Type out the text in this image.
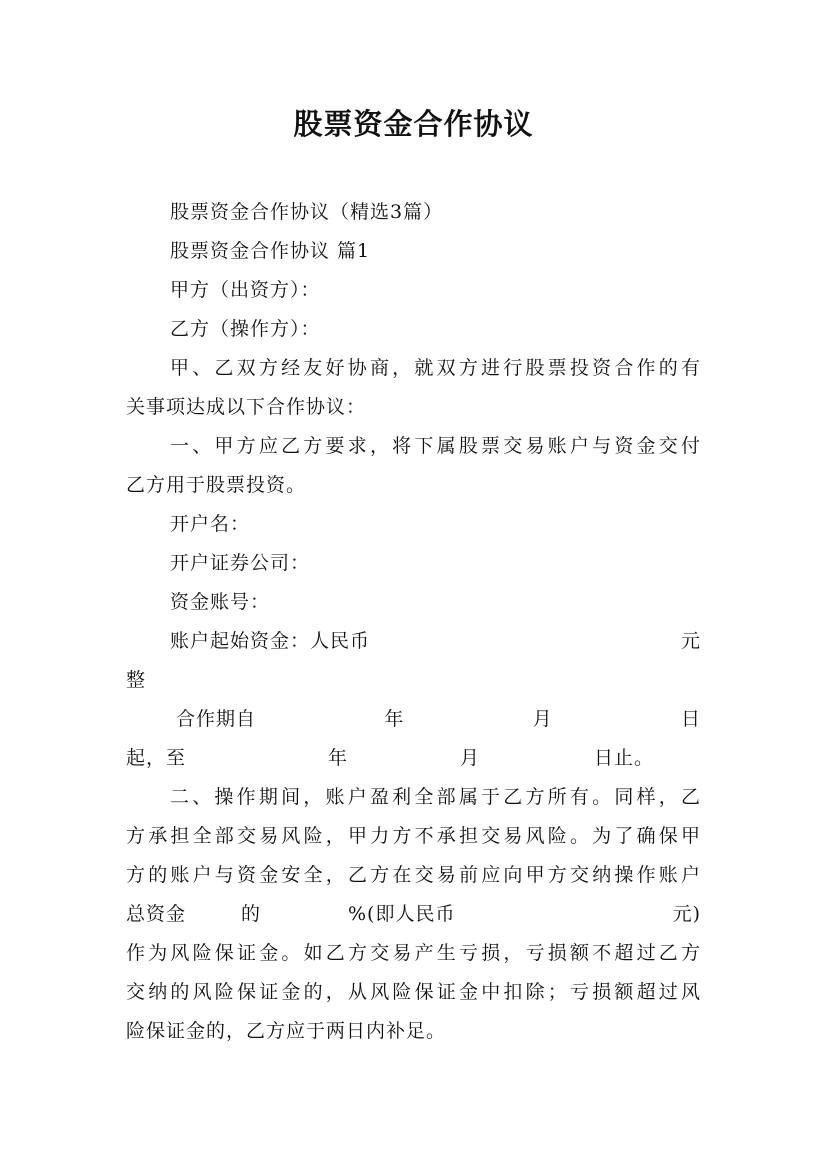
股票资金合作协议
股票资金合作协议（精选3篇）
股票资金合作协议 篇1
甲方（出资方）：
乙方（操作方）：
甲、乙双方经友好协商，就双方进行股票投资合作的有
关事项达成以下合作协议：
一、甲方应乙方要求，将下属股票交易账户与资金交付
乙方用于股票投资。
开户名：
开户证券公司：
资金账号：
账户起始资金：人民币	元
整
合作期自	年	月	日
起，至	年	月	日止。
二、操作期间，账户盈利全部属于乙方所有。同样，乙
方承担全部交易风险，甲力方不承担交易风险。为了确保甲
方的账户与资金安全，乙方在交易前应向甲方交纳操作账户
总资金	的	%(即人民币	元)
作为风险保证金。如乙方交易产生亏损，亏损额不超过乙方
交纳的风险保证金的，从风险保证金中扣除；亏损额超过风
险保证金的，乙方应于两日内补足。
